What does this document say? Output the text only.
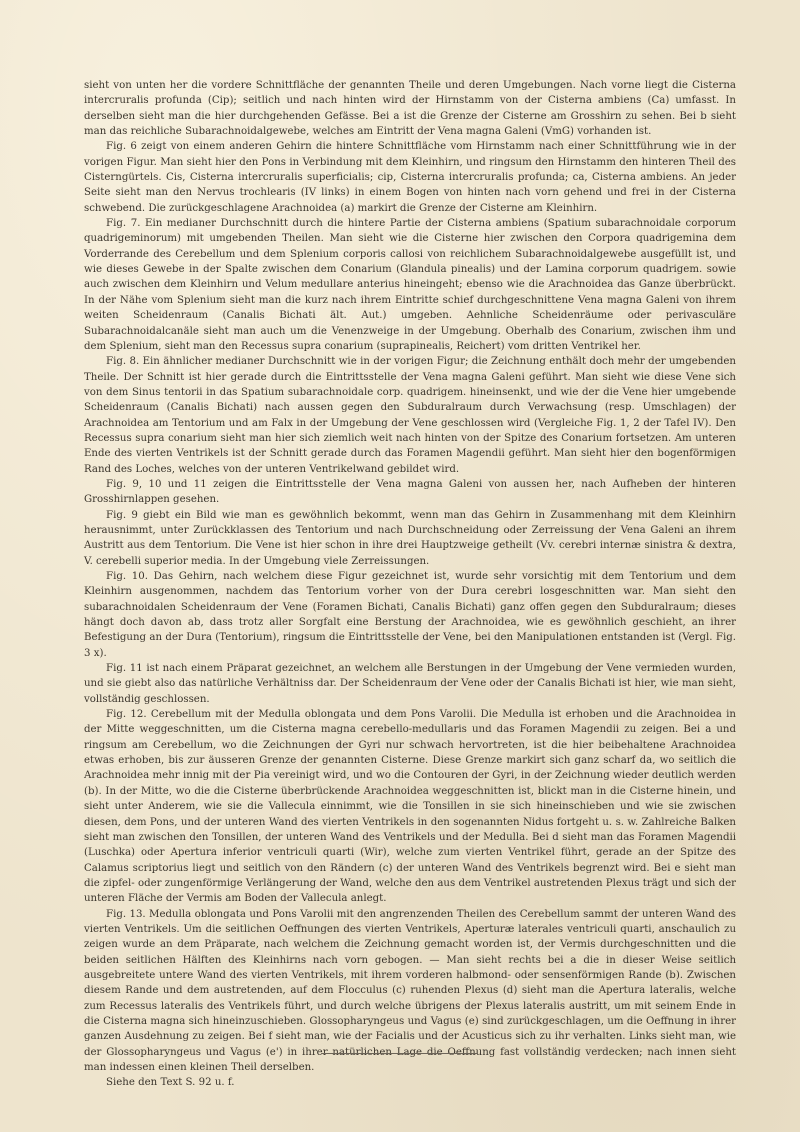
sieht von unten her die vordere Schnittfläche der genannten Theile und deren Umgebungen. Nach vorne liegt die Cisterna intercruralis profunda (Cip); seitlich und nach hinten wird der Hirnstamm von der Cisterna ambiens (Ca) umfasst. In derselben sieht man die hier durchgehenden Gefässe. Bei a ist die Grenze der Cisterne am Grosshirn zu sehen. Bei b sieht man das reichliche Subarachnoidalgewebe, welches am Eintritt der Vena magna Galeni (VmG) vorhanden ist.

Fig. 6 zeigt von einem anderen Gehirn die hintere Schnittfläche vom Hirnstamm nach einer Schnittführung wie in der vorigen Figur. Man sieht hier den Pons in Verbindung mit dem Kleinhirn, und ringsum den Hirnstamm den hinteren Theil des Cisterngürtels. Cis, Cisterna intercruralis superficialis; cip, Cisterna intercruralis profunda; ca, Cisterna ambiens. An jeder Seite sieht man den Nervus trochlearis (IV links) in einem Bogen von hinten nach vorn gehend und frei in der Cisterna schwebend. Die zurückgeschlagene Arachnoidea (a) markirt die Grenze der Cisterne am Kleinhirn.

Fig. 7. Ein medianer Durchschnitt durch die hintere Partie der Cisterna ambiens (Spatium subarachnoidale corporum quadrigeminorum) mit umgebenden Theilen. Man sieht wie die Cisterne hier zwischen den Corpora quadrigemina dem Vorderrande des Cerebellum und dem Splenium corporis callosi von reichlichem Subarachnoidalgewebe ausgefüllt ist, und wie dieses Gewebe in der Spalte zwischen dem Conarium (Glandula pinealis) und der Lamina corporum quadrigem. sowie auch zwischen dem Kleinhirn und Velum medullare anterius hineingeht; ebenso wie die Arachnoidea das Ganze überbrückt. In der Nähe vom Splenium sieht man die kurz nach ihrem Eintritte schief durchgeschnittene Vena magna Galeni von ihrem weiten Scheidenraum (Canalis Bichati ält. Aut.) umgeben. Aehnliche Scheidenräume oder perivasculäre Subarachnoidalcanäle sieht man auch um die Venenzweige in der Umgebung. Oberhalb des Conarium, zwischen ihm und dem Splenium, sieht man den Recessus supra conarium (suprapinealis, Reichert) vom dritten Ventrikel her.

Fig. 8. Ein ähnlicher medianer Durchschnitt wie in der vorigen Figur; die Zeichnung enthält doch mehr der umgebenden Theile. Der Schnitt ist hier gerade durch die Eintrittsstelle der Vena magna Galeni geführt. Man sieht wie diese Vene sich von dem Sinus tentorii in das Spatium subarachnoidale corp. quadrigem. hineinsenkt, und wie der die Vene hier umgebende Scheidenraum (Canalis Bichati) nach aussen gegen den Subduralraum durch Verwachsung (resp. Umschlagen) der Arachnoidea am Tentorium und am Falx in der Umgebung der Vene geschlossen wird (Vergleiche Fig. 1, 2 der Tafel IV). Den Recessus supra conarium sieht man hier sich ziemlich weit nach hinten von der Spitze des Conarium fortsetzen. Am unteren Ende des vierten Ventrikels ist der Schnitt gerade durch das Foramen Magendii geführt. Man sieht hier den bogenförmigen Rand des Loches, welches von der unteren Ventrikelwand gebildet wird.

Fig. 9, 10 und 11 zeigen die Eintrittsstelle der Vena magna Galeni von aussen her, nach Aufheben der hinteren Grosshirnlappen gesehen.

Fig. 9 giebt ein Bild wie man es gewöhnlich bekommt, wenn man das Gehirn in Zusammenhang mit dem Kleinhirn herausnimmt, unter Zurückklassen des Tentorium und nach Durchschneidung oder Zerreissung der Vena Galeni an ihrem Austritt aus dem Tentorium. Die Vene ist hier schon in ihre drei Hauptzweige getheilt (Vv. cerebri internæ sinistra & dextra, V. cerebelli superior media. In der Umgebung viele Zerreissungen.

Fig. 10. Das Gehirn, nach welchem diese Figur gezeichnet ist, wurde sehr vorsichtig mit dem Tentorium und dem Kleinhirn ausgenommen, nachdem das Tentorium vorher von der Dura cerebri losgeschnitten war. Man sieht den subarachnoidalen Scheidenraum der Vene (Foramen Bichati, Canalis Bichati) ganz offen gegen den Subduralraum; dieses hängt doch davon ab, dass trotz aller Sorgfalt eine Berstung der Arachnoidea, wie es gewöhnlich geschieht, an ihrer Befestigung an der Dura (Tentorium), ringsum die Eintrittsstelle der Vene, bei den Manipulationen entstanden ist (Vergl. Fig. 3 x).

Fig. 11 ist nach einem Präparat gezeichnet, an welchem alle Berstungen in der Umgebung der Vene vermieden wurden, und sie giebt also das natürliche Verhältniss dar. Der Scheidenraum der Vene oder der Canalis Bichati ist hier, wie man sieht, vollständig geschlossen.

Fig. 12. Cerebellum mit der Medulla oblongata und dem Pons Varolii. Die Medulla ist erhoben und die Arachnoidea in der Mitte weggeschnitten, um die Cisterna magna cerebello-medullaris und das Foramen Magendii zu zeigen. Bei a und ringsum am Cerebellum, wo die Zeichnungen der Gyri nur schwach hervortreten, ist die hier beibehaltene Arachnoidea etwas erhoben, bis zur äusseren Grenze der genannten Cisterne. Diese Grenze markirt sich ganz scharf da, wo seitlich die Arachnoidea mehr innig mit der Pia vereinigt wird, und wo die Contouren der Gyri, in der Zeichnung wieder deutlich werden (b). In der Mitte, wo die die Cisterne überbrückende Arachnoidea weggeschnitten ist, blickt man in die Cisterne hinein, und sieht unter Anderem, wie sie die Vallecula einnimmt, wie die Tonsillen in sie sich hineinschieben und wie sie zwischen diesen, dem Pons, und der unteren Wand des vierten Ventrikels in den sogenannten Nidus fortgeht u. s. w. Zahlreiche Balken sieht man zwischen den Tonsillen, der unteren Wand des Ventrikels und der Medulla. Bei d sieht man das Foramen Magendii (Luschka) oder Apertura inferior ventriculi quarti (Wir), welche zum vierten Ventrikel führt, gerade an der Spitze des Calamus scriptorius liegt und seitlich von den Rändern (c) der unteren Wand des Ventrikels begrenzt wird. Bei e sieht man die zipfel- oder zungenförmige Verlängerung der Wand, welche den aus dem Ventrikel austretenden Plexus trägt und sich der unteren Fläche der Vermis am Boden der Vallecula anlegt.

Fig. 13. Medulla oblongata und Pons Varolii mit den angrenzenden Theilen des Cerebellum sammt der unteren Wand des vierten Ventrikels. Um die seitlichen Oeffnungen des vierten Ventrikels, Aperturæ laterales ventriculi quarti, anschaulich zu zeigen wurde an dem Präparate, nach welchem die Zeichnung gemacht worden ist, der Vermis durchgeschnitten und die beiden seitlichen Hälften des Kleinhirns nach vorn gebogen. — Man sieht rechts bei a die in dieser Weise seitlich ausgebreitete untere Wand des vierten Ventrikels, mit ihrem vorderen halbmond- oder sensenförmigen Rande (b). Zwischen diesem Rande und dem austretenden, auf dem Flocculus (c) ruhenden Plexus (d) sieht man die Apertura lateralis, welche zum Recessus lateralis des Ventrikels führt, und durch welche übrigens der Plexus lateralis austritt, um mit seinem Ende in die Cisterna magna sich hineinzuschieben. Glossopharyngeus und Vagus (e) sind zurückgeschlagen, um die Oeffnung in ihrer ganzen Ausdehnung zu zeigen. Bei f sieht man, wie der Facialis und der Acusticus sich zu ihr verhalten. Links sieht man, wie der Glossopharyngeus und Vagus (e') in ihrer natürlichen Lage die Oeffnung fast vollständig verdecken; nach innen sieht man indessen einen kleinen Theil derselben.

Siehe den Text S. 92 u. f.
